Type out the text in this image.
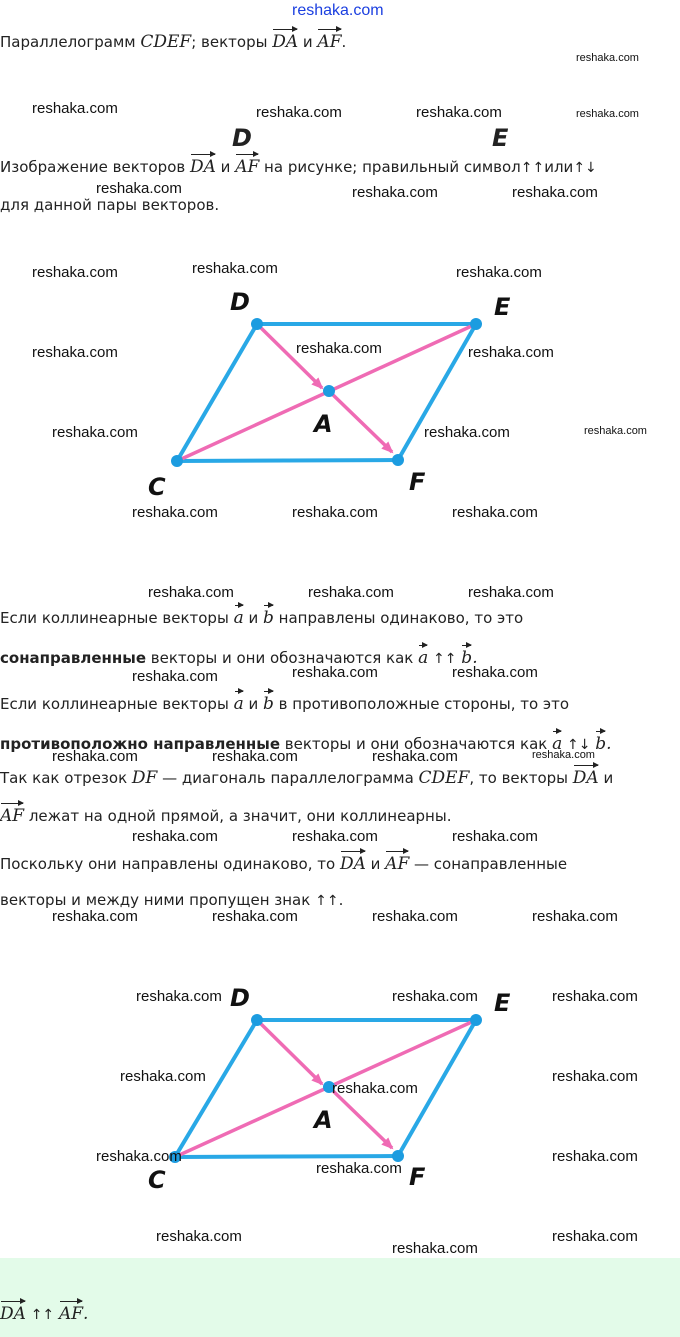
reshaka.com
Параллелограмм CDEF; векторы DA и AF.
D	E
Изображение векторов DA и AF на рисунке; правильный символ↑↑или↑↓
для данной пары векторов.
D	E
A
C	F
Если коллинеарные векторы a и b направлены одинаково, то это
сонаправленные векторы и они обозначаются как a ↑↑ b.
Если коллинеарные векторы a и b в противоположные стороны, то это
противоположно направленные векторы и они обозначаются как a ↑↓ b.
Так как отрезок DF — диагональ параллелограмма CDEF, то векторы DA и
AF лежат на одной прямой, а значит, они коллинеарны.
Поскольку они направлены одинаково, то DA и AF — сонаправленные
векторы и между ними пропущен знак ↑↑.
D	E
A
C	F
DA ↑↑ AF.
reshaka.com
reshaka.com	reshaka.com	reshaka.com	reshaka.com
reshaka.com	reshaka.com	reshaka.com
reshaka.com	reshaka.com	reshaka.com
reshaka.com	reshaka.com	reshaka.com
reshaka.com	reshaka.com	reshaka.com
reshaka.com	reshaka.com	reshaka.com
reshaka.com	reshaka.com	reshaka.com
reshaka.com	reshaka.com	reshaka.com
reshaka.com	reshaka.com	reshaka.com	reshaka.com
reshaka.com	reshaka.com	reshaka.com
reshaka.com	reshaka.com	reshaka.com	reshaka.com
reshaka.com	reshaka.com	reshaka.com
reshaka.com
reshaka.com
reshaka.com
reshaka.com
reshaka.com
reshaka.com
reshaka.com
reshaka.com
reshaka.com
